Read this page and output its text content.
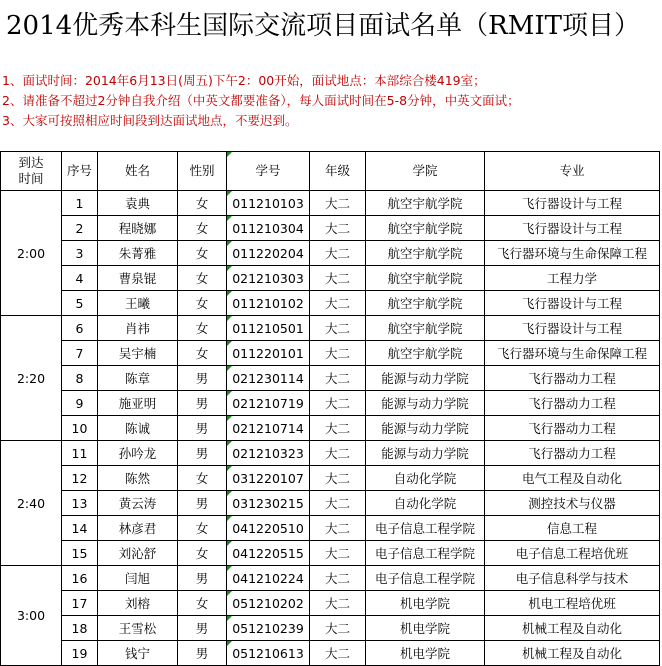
2014优秀本科生国际交流项目面试名单（RMIT项目）
1、面试时间：2014年6月13日(周五)下午2：00开始，面试地点：本部综合楼419室；
2、请准备不超过2分钟自我介绍（中英文都要准备），每人面试时间在5-8分钟，中英文面试；
3、大家可按照相应时间段到达面试地点，不要迟到。
到达时间	序号	姓名	性别	学号	年级	学院	专业
2:00	1	袁典	女	011210103	大二	航空宇航学院	飞行器设计与工程
	2	程晓娜	女	011210304	大二	航空宇航学院	飞行器设计与工程
	3	朱菁雅	女	011220204	大二	航空宇航学院	飞行器环境与生命保障工程
	4	曹泉锟	女	021210303	大二	航空宇航学院	工程力学
	5	王曦	女	011210102	大二	航空宇航学院	飞行器设计与工程
2:20	6	肖祎	女	011210501	大二	航空宇航学院	飞行器设计与工程
	7	吴宇楠	女	011220101	大二	航空宇航学院	飞行器环境与生命保障工程
	8	陈章	男	021230114	大二	能源与动力学院	飞行器动力工程
	9	施亚明	男	021210719	大二	能源与动力学院	飞行器动力工程
	10	陈诚	男	021210714	大二	能源与动力学院	飞行器动力工程
2:40	11	孙吟龙	男	021210323	大二	能源与动力学院	飞行器动力工程
	12	陈然	女	031220107	大二	自动化学院	电气工程及自动化
	13	黄云涛	男	031230215	大二	自动化学院	测控技术与仪器
	14	林彦君	女	041220510	大二	电子信息工程学院	信息工程
	15	刘沁舒	女	041220515	大二	电子信息工程学院	电子信息工程培优班
3:00	16	闫旭	男	041210224	大二	电子信息工程学院	电子信息科学与技术
	17	刘榕	女	051210202	大二	机电学院	机电工程培优班
	18	王雪松	男	051210239	大二	机电学院	机械工程及自动化
	19	钱宁	男	051210613	大二	机电学院	机械工程及自动化
